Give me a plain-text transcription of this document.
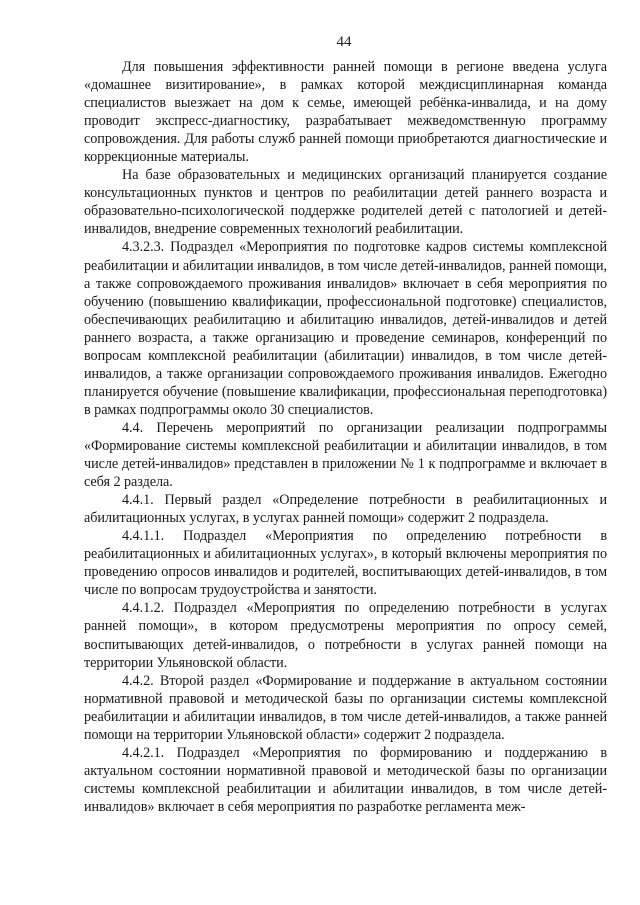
44

Для повышения эффективности ранней помощи в регионе введена услуга «домашнее визитирование», в рамках которой междисциплинарная команда специалистов выезжает на дом к семье, имеющей ребёнка-инвалида, и на дому проводит экспресс-диагностику, разрабатывает межведомственную программу сопровождения. Для работы служб ранней помощи приобретаются диагностические и коррекционные материалы.

На базе образовательных и медицинских организаций планируется создание консультационных пунктов и центров по реабилитации детей раннего возраста и образовательно-психологической поддержке родителей детей с патологией и детей-инвалидов, внедрение современных технологий реабилитации.

4.3.2.3. Подраздел «Мероприятия по подготовке кадров системы комплексной реабилитации и абилитации инвалидов, в том числе детей-инвалидов, ранней помощи, а также сопровождаемого проживания инвалидов» включает в себя мероприятия по обучению (повышению квалификации, профессиональной подготовке) специалистов, обеспечивающих реабилитацию и абилитацию инвалидов, детей-инвалидов и детей раннего возраста, а также организацию и проведение семинаров, конференций по вопросам комплексной реабилитации (абилитации) инвалидов, в том числе детей-инвалидов, а также организации сопровождаемого проживания инвалидов. Ежегодно планируется обучение (повышение квалификации, профессиональная переподготовка) в рамках подпрограммы около 30 специалистов.

4.4. Перечень мероприятий по организации реализации подпрограммы «Формирование системы комплексной реабилитации и абилитации инвалидов, в том числе детей-инвалидов» представлен в приложении № 1 к подпрограмме и включает в себя 2 раздела.

4.4.1. Первый раздел «Определение потребности в реабилитационных и абилитационных услугах, в услугах ранней помощи» содержит 2 подраздела.

4.4.1.1. Подраздел «Мероприятия по определению потребности в реабилитационных и абилитационных услугах», в который включены мероприятия по проведению опросов инвалидов и родителей, воспитывающих детей-инвалидов, в том числе по вопросам трудоустройства и занятости.

4.4.1.2. Подраздел «Мероприятия по определению потребности в услугах ранней помощи», в котором предусмотрены мероприятия по опросу семей, воспитывающих детей-инвалидов, о потребности в услугах ранней помощи на территории Ульяновской области.

4.4.2. Второй раздел «Формирование и поддержание в актуальном состоянии нормативной правовой и методической базы по организации системы комплексной реабилитации и абилитации инвалидов, в том числе детей-инвалидов, а также ранней помощи на территории Ульяновской области» содержит 2 подраздела.

4.4.2.1. Подраздел «Мероприятия по формированию и поддержанию в актуальном состоянии нормативной правовой и методической базы по организации системы комплексной реабилитации и абилитации инвалидов, в том числе детей-инвалидов» включает в себя мероприятия по разработке регламента меж-
